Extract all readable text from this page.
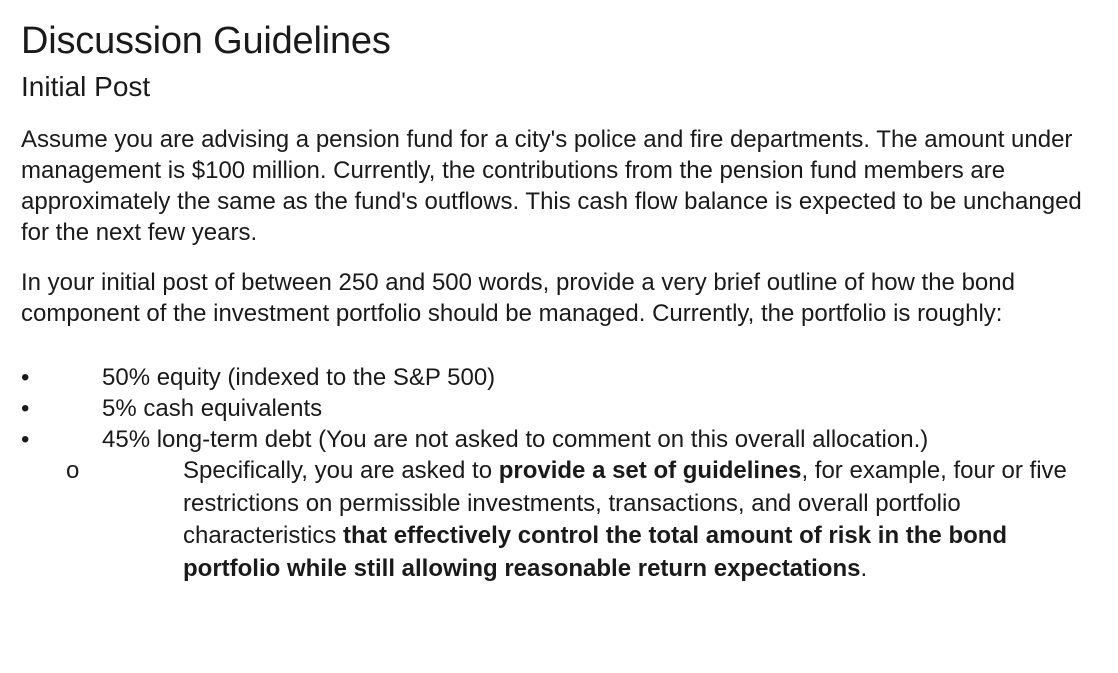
Discussion Guidelines
Initial Post

Assume you are advising a pension fund for a city's police and fire departments. The amount under management is $100 million. Currently, the contributions from the pension fund members are approximately the same as the fund's outflows. This cash flow balance is expected to be unchanged for the next few years.

In your initial post of between 250 and 500 words, provide a very brief outline of how the bond component of the investment portfolio should be managed. Currently, the portfolio is roughly:

•	50% equity (indexed to the S&P 500)
•	5% cash equivalents
•	45% long-term debt (You are not asked to comment on this overall allocation.)
o	Specifically, you are asked to provide a set of guidelines, for example, four or five restrictions on permissible investments, transactions, and overall portfolio characteristics that effectively control the total amount of risk in the bond portfolio while still allowing reasonable return expectations.
